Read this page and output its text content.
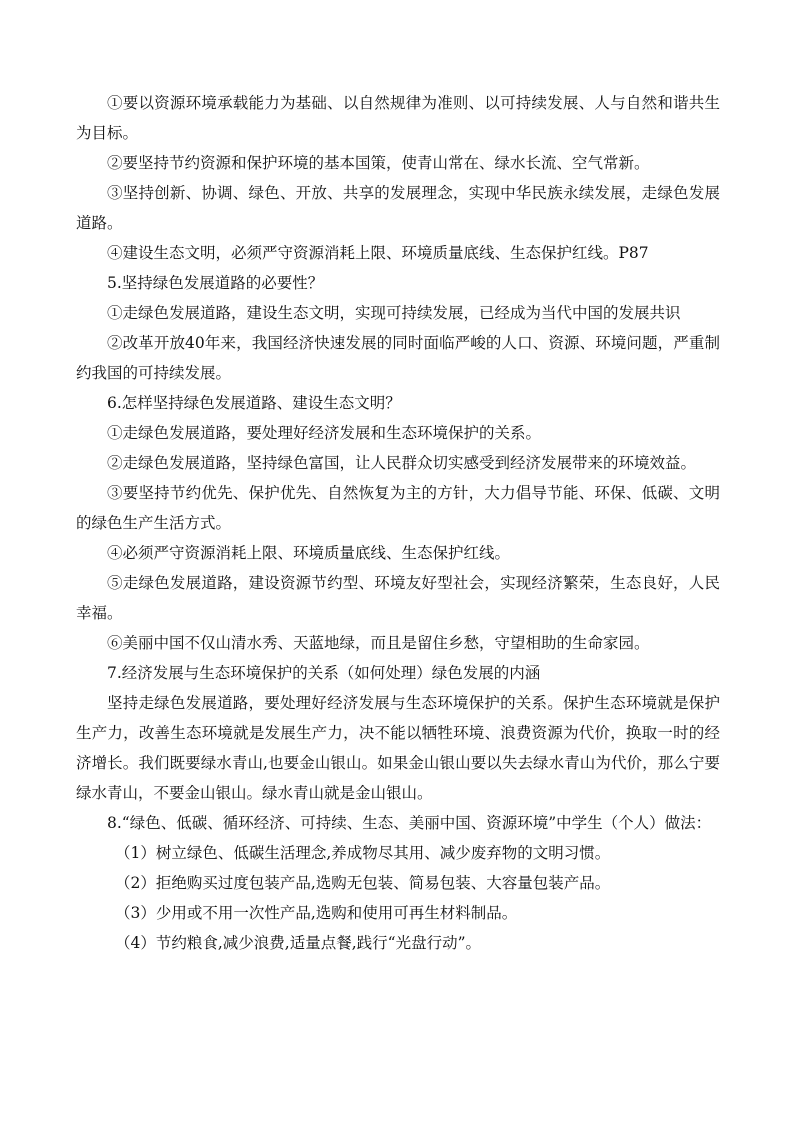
①要以资源环境承载能力为基础、以自然规律为准则、以可持续发展、人与自然和谐共生为目标。

②要坚持节约资源和保护环境的基本国策，使青山常在、绿水长流、空气常新。

③坚持创新、协调、绿色、开放、共享的发展理念，实现中华民族永续发展，走绿色发展道路。

④建设生态文明，必须严守资源消耗上限、环境质量底线、生态保护红线。P87

5.坚持绿色发展道路的必要性？

①走绿色发展道路，建设生态文明，实现可持续发展，已经成为当代中国的发展共识

②改革开放40年来，我国经济快速发展的同时面临严峻的人口、资源、环境问题，严重制约我国的可持续发展。

6.怎样坚持绿色发展道路、建设生态文明？

①走绿色发展道路，要处理好经济发展和生态环境保护的关系。

②走绿色发展道路，坚持绿色富国，让人民群众切实感受到经济发展带来的环境效益。

③要坚持节约优先、保护优先、自然恢复为主的方针，大力倡导节能、环保、低碳、文明的绿色生产生活方式。

④必须严守资源消耗上限、环境质量底线、生态保护红线。

⑤走绿色发展道路，建设资源节约型、环境友好型社会，实现经济繁荣，生态良好，人民幸福。

⑥美丽中国不仅山清水秀、天蓝地绿，而且是留住乡愁，守望相助的生命家园。

7.经济发展与生态环境保护的关系（如何处理）绿色发展的内涵

坚持走绿色发展道路，要处理好经济发展与生态环境保护的关系。保护生态环境就是保护生产力，改善生态环境就是发展生产力，决不能以牺牲环境、浪费资源为代价，换取一时的经济增长。我们既要绿水青山,也要金山银山。如果金山银山要以失去绿水青山为代价，那么宁要绿水青山，不要金山银山。绿水青山就是金山银山。

8.“绿色、低碳、循环经济、可持续、生态、美丽中国、资源环境”中学生（个人）做法：

（1）树立绿色、低碳生活理念,养成物尽其用、减少废弃物的文明习惯。

（2）拒绝购买过度包装产品,选购无包装、简易包装、大容量包装产品。

（3）少用或不用一次性产品,选购和使用可再生材料制品。

（4）节约粮食,减少浪费,适量点餐,践行“光盘行动”。
